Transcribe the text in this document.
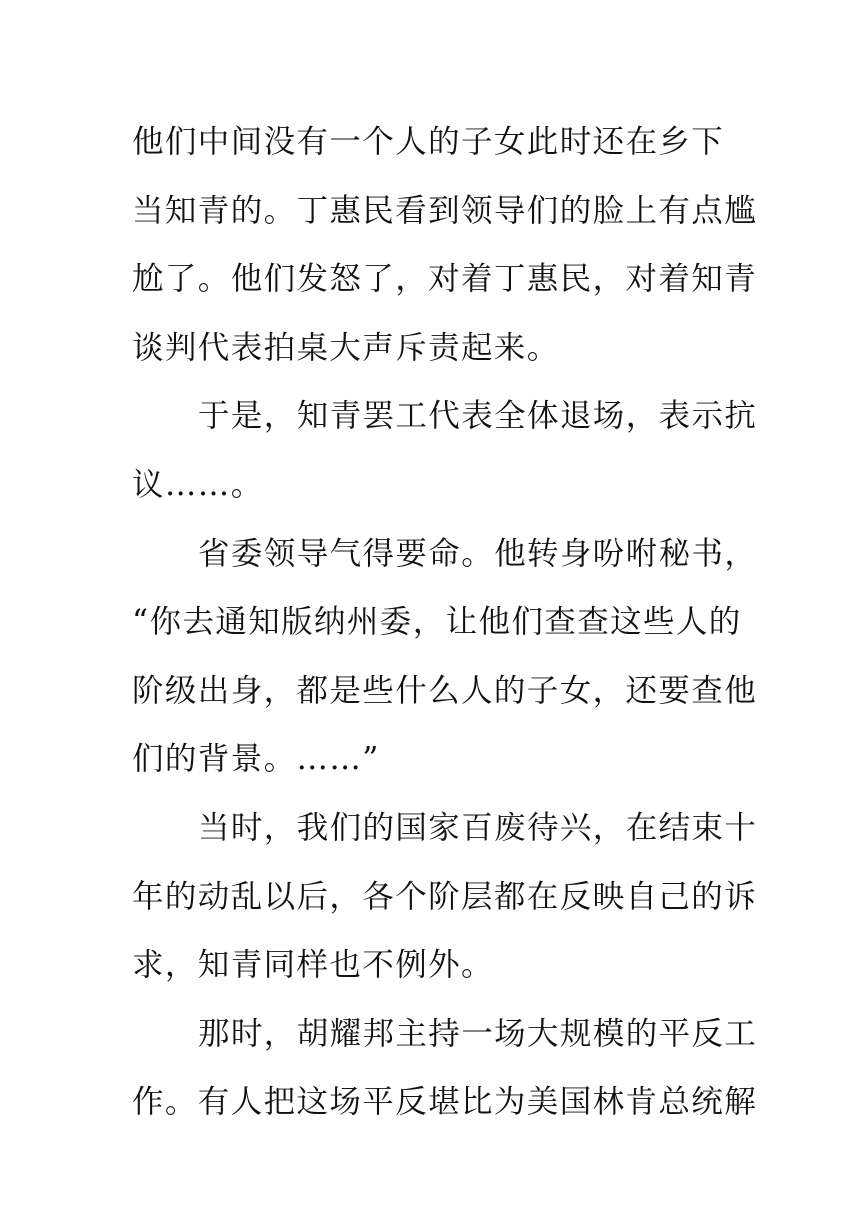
他们中间没有一个人的子女此时还在乡下
当知青的。丁惠民看到领导们的脸上有点尴
尬了。他们发怒了，对着丁惠民，对着知青
谈判代表拍桌大声斥责起来。
于是，知青罢工代表全体退场，表示抗
议……。
省委领导气得要命。他转身吩咐秘书，
“你去通知版纳州委，让他们查查这些人的
阶级出身，都是些什么人的子女，还要查他
们的背景。……”
当时，我们的国家百废待兴，在结束十
年的动乱以后，各个阶层都在反映自己的诉
求，知青同样也不例外。
那时，胡耀邦主持一场大规模的平反工
作。有人把这场平反堪比为美国林肯总统解
